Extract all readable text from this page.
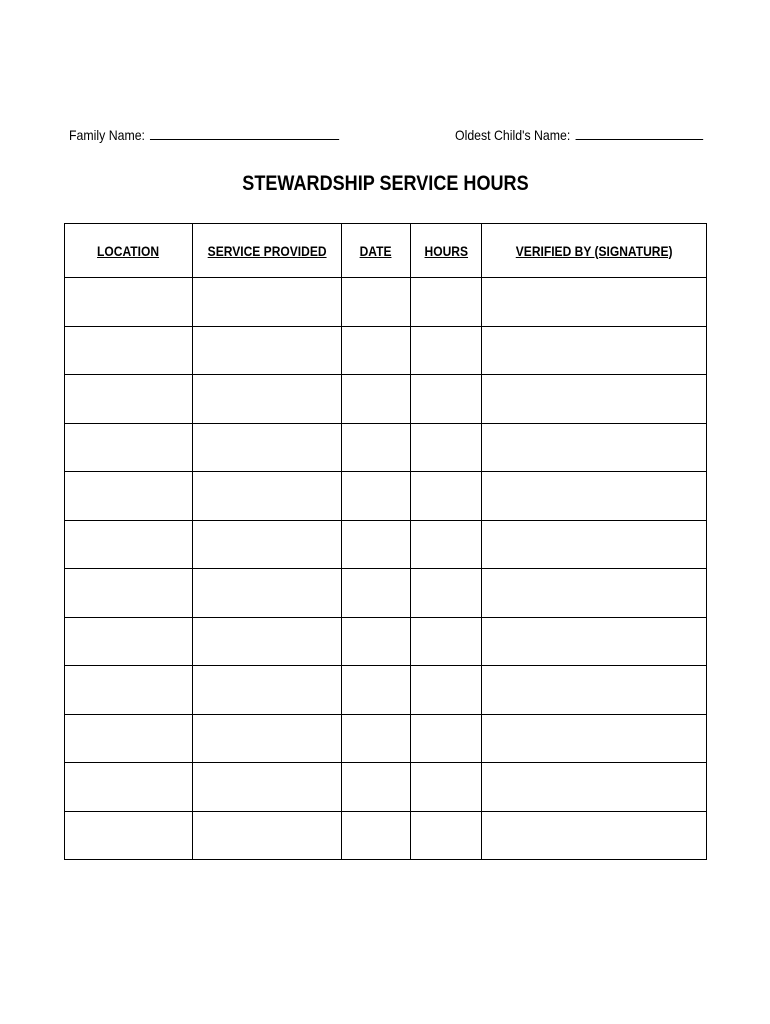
Family Name:	Oldest Child's Name:
STEWARDSHIP SERVICE HOURS
LOCATION	SERVICE PROVIDED	DATE	HOURS	VERIFIED BY (SIGNATURE)
